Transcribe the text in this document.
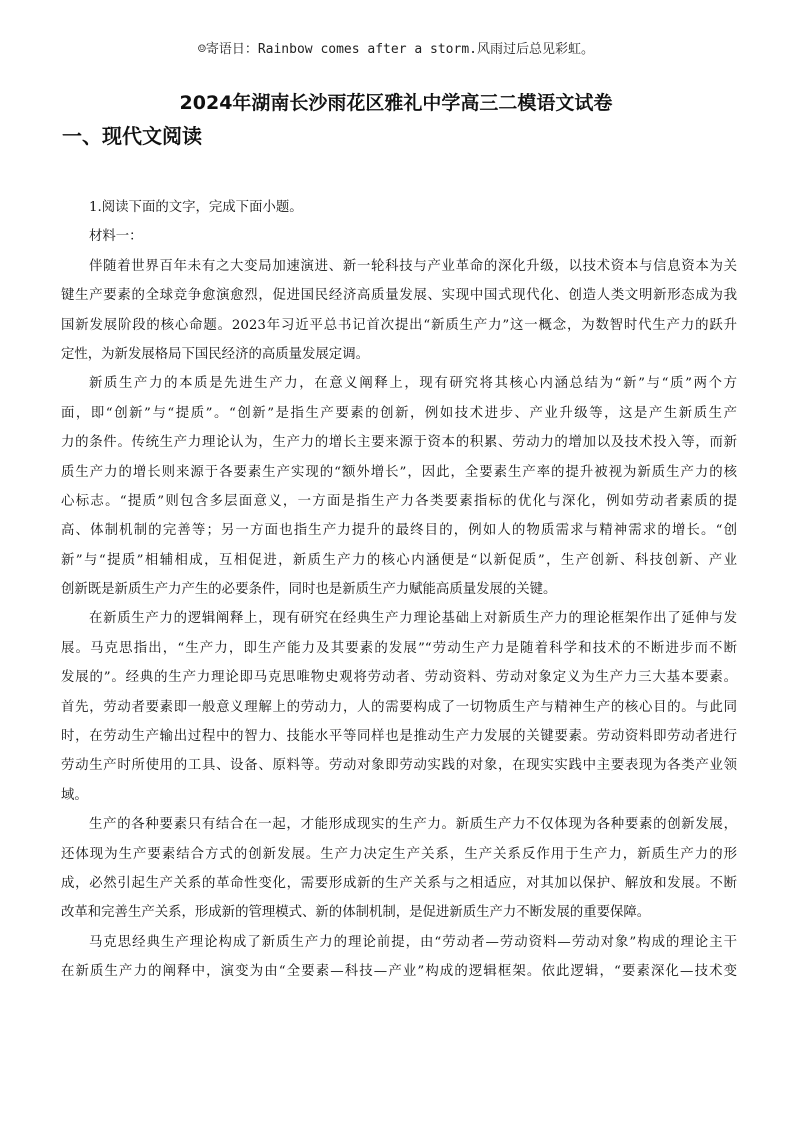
☺寄语日：Rainbow comes after a storm.风雨过后总见彩虹。
2024年湖南长沙雨花区雅礼中学高三二模语文试卷
一、现代文阅读
1.阅读下面的文字，完成下面小题。
材料一：
伴随着世界百年未有之大变局加速演进、新一轮科技与产业革命的深化升级，以技术资本与信息资本为关
键生产要素的全球竞争愈演愈烈，促进国民经济高质量发展、实现中国式现代化、创造人类文明新形态成为我
国新发展阶段的核心命题。2023年习近平总书记首次提出“新质生产力”这一概念，为数智时代生产力的跃升
定性，为新发展格局下国民经济的高质量发展定调。
新质生产力的本质是先进生产力，在意义阐释上，现有研究将其核心内涵总结为“新”与“质”两个方
面，即“创新”与“提质”。“创新”是指生产要素的创新，例如技术进步、产业升级等，这是产生新质生产
力的条件。传统生产力理论认为，生产力的增长主要来源于资本的积累、劳动力的增加以及技术投入等，而新
质生产力的增长则来源于各要素生产实现的“额外增长”，因此，全要素生产率的提升被视为新质生产力的核
心标志。“提质”则包含多层面意义，一方面是指生产力各类要素指标的优化与深化，例如劳动者素质的提
高、体制机制的完善等；另一方面也指生产力提升的最终目的，例如人的物质需求与精神需求的增长。“创
新”与“提质”相辅相成，互相促进，新质生产力的核心内涵便是“以新促质”，生产创新、科技创新、产业
创新既是新质生产力产生的必要条件，同时也是新质生产力赋能高质量发展的关键。
在新质生产力的逻辑阐释上，现有研究在经典生产力理论基础上对新质生产力的理论框架作出了延伸与发
展。马克思指出，“生产力，即生产能力及其要素的发展”“劳动生产力是随着科学和技术的不断进步而不断
发展的”。经典的生产力理论即马克思唯物史观将劳动者、劳动资料、劳动对象定义为生产力三大基本要素。
首先，劳动者要素即一般意义理解上的劳动力，人的需要构成了一切物质生产与精神生产的核心目的。与此同
时，在劳动生产输出过程中的智力、技能水平等同样也是推动生产力发展的关键要素。劳动资料即劳动者进行
劳动生产时所使用的工具、设备、原料等。劳动对象即劳动实践的对象，在现实实践中主要表现为各类产业领
域。
生产的各种要素只有结合在一起，才能形成现实的生产力。新质生产力不仅体现为各种要素的创新发展，
还体现为生产要素结合方式的创新发展。生产力决定生产关系，生产关系反作用于生产力，新质生产力的形
成，必然引起生产关系的革命性变化，需要形成新的生产关系与之相适应，对其加以保护、解放和发展。不断
改革和完善生产关系，形成新的管理模式、新的体制机制，是促进新质生产力不断发展的重要保障。
马克思经典生产理论构成了新质生产力的理论前提，由“劳动者—劳动资料—劳动对象”构成的理论主干
在新质生产力的阐释中，演变为由“全要素—科技—产业”构成的逻辑框架。依此逻辑，“要素深化—技术变
